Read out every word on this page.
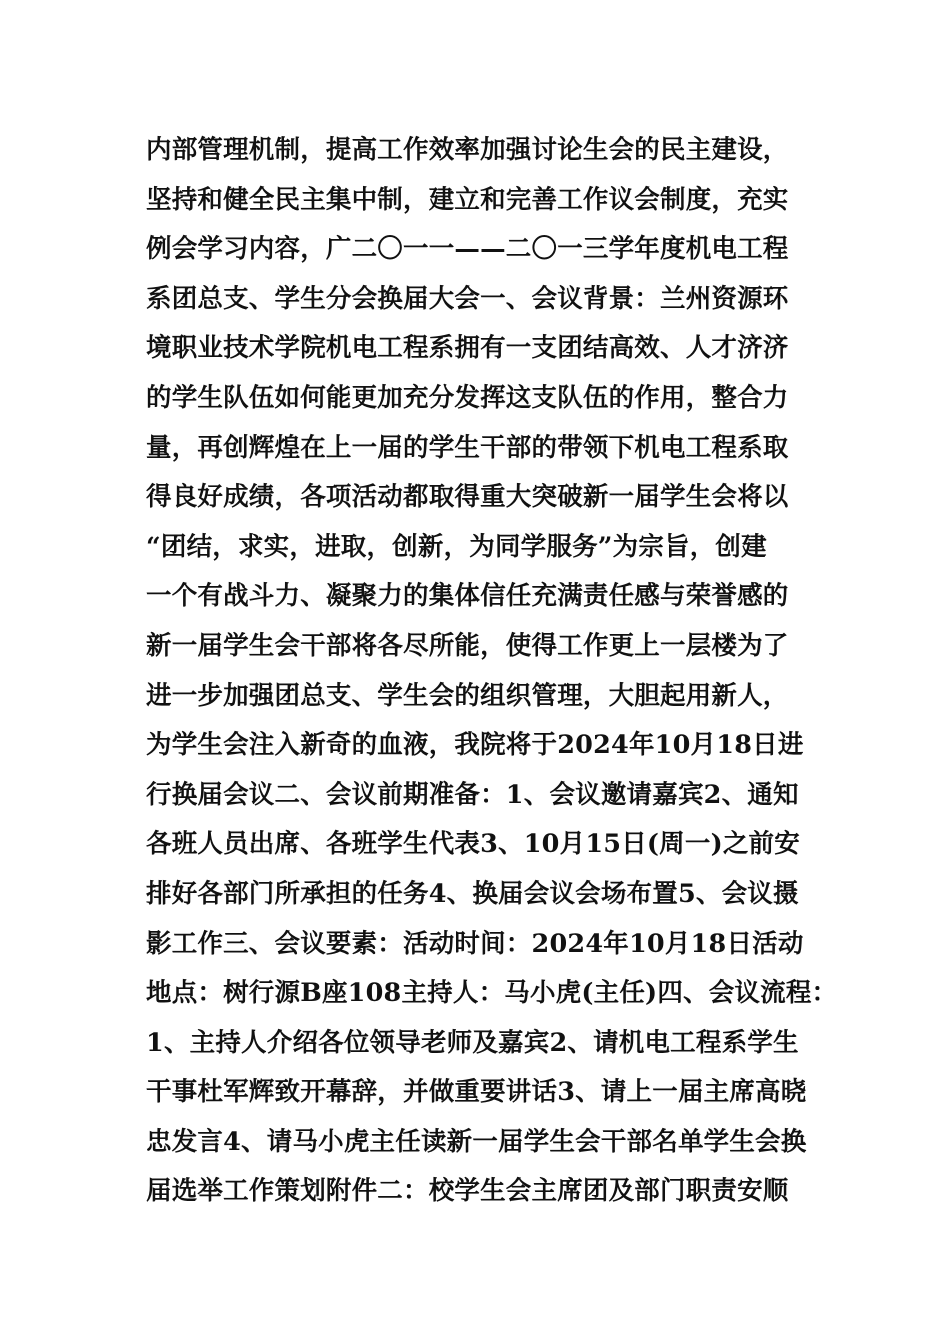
内部管理机制，提高工作效率加强讨论生会的民主建设，
坚持和健全民主集中制，建立和完善工作议会制度，充实
例会学习内容，广二〇一一——二〇一三学年度机电工程
系团总支、学生分会换届大会一、会议背景：兰州资源环
境职业技术学院机电工程系拥有一支团结高效、人才济济
的学生队伍如何能更加充分发挥这支队伍的作用，整合力
量，再创辉煌在上一届的学生干部的带领下机电工程系取
得良好成绩，各项活动都取得重大突破新一届学生会将以
“团结，求实，进取，创新，为同学服务”为宗旨，创建
一个有战斗力、凝聚力的集体信任充满责任感与荣誉感的
新一届学生会干部将各尽所能，使得工作更上一层楼为了
进一步加强团总支、学生会的组织管理，大胆起用新人，
为学生会注入新奇的血液，我院将于2024年10月18日进
行换届会议二、会议前期准备：1、会议邀请嘉宾2、通知
各班人员出席、各班学生代表3、10月15日(周一)之前安
排好各部门所承担的任务4、换届会议会场布置5、会议摄
影工作三、会议要素：活动时间：2024年10月18日活动
地点：树行源B座108主持人：马小虎(主任)四、会议流程：
1、主持人介绍各位领导老师及嘉宾2、请机电工程系学生
干事杜军辉致开幕辞，并做重要讲话3、请上一届主席高晓
忠发言4、请马小虎主任读新一届学生会干部名单学生会换
届选举工作策划附件二：校学生会主席团及部门职责安顺
